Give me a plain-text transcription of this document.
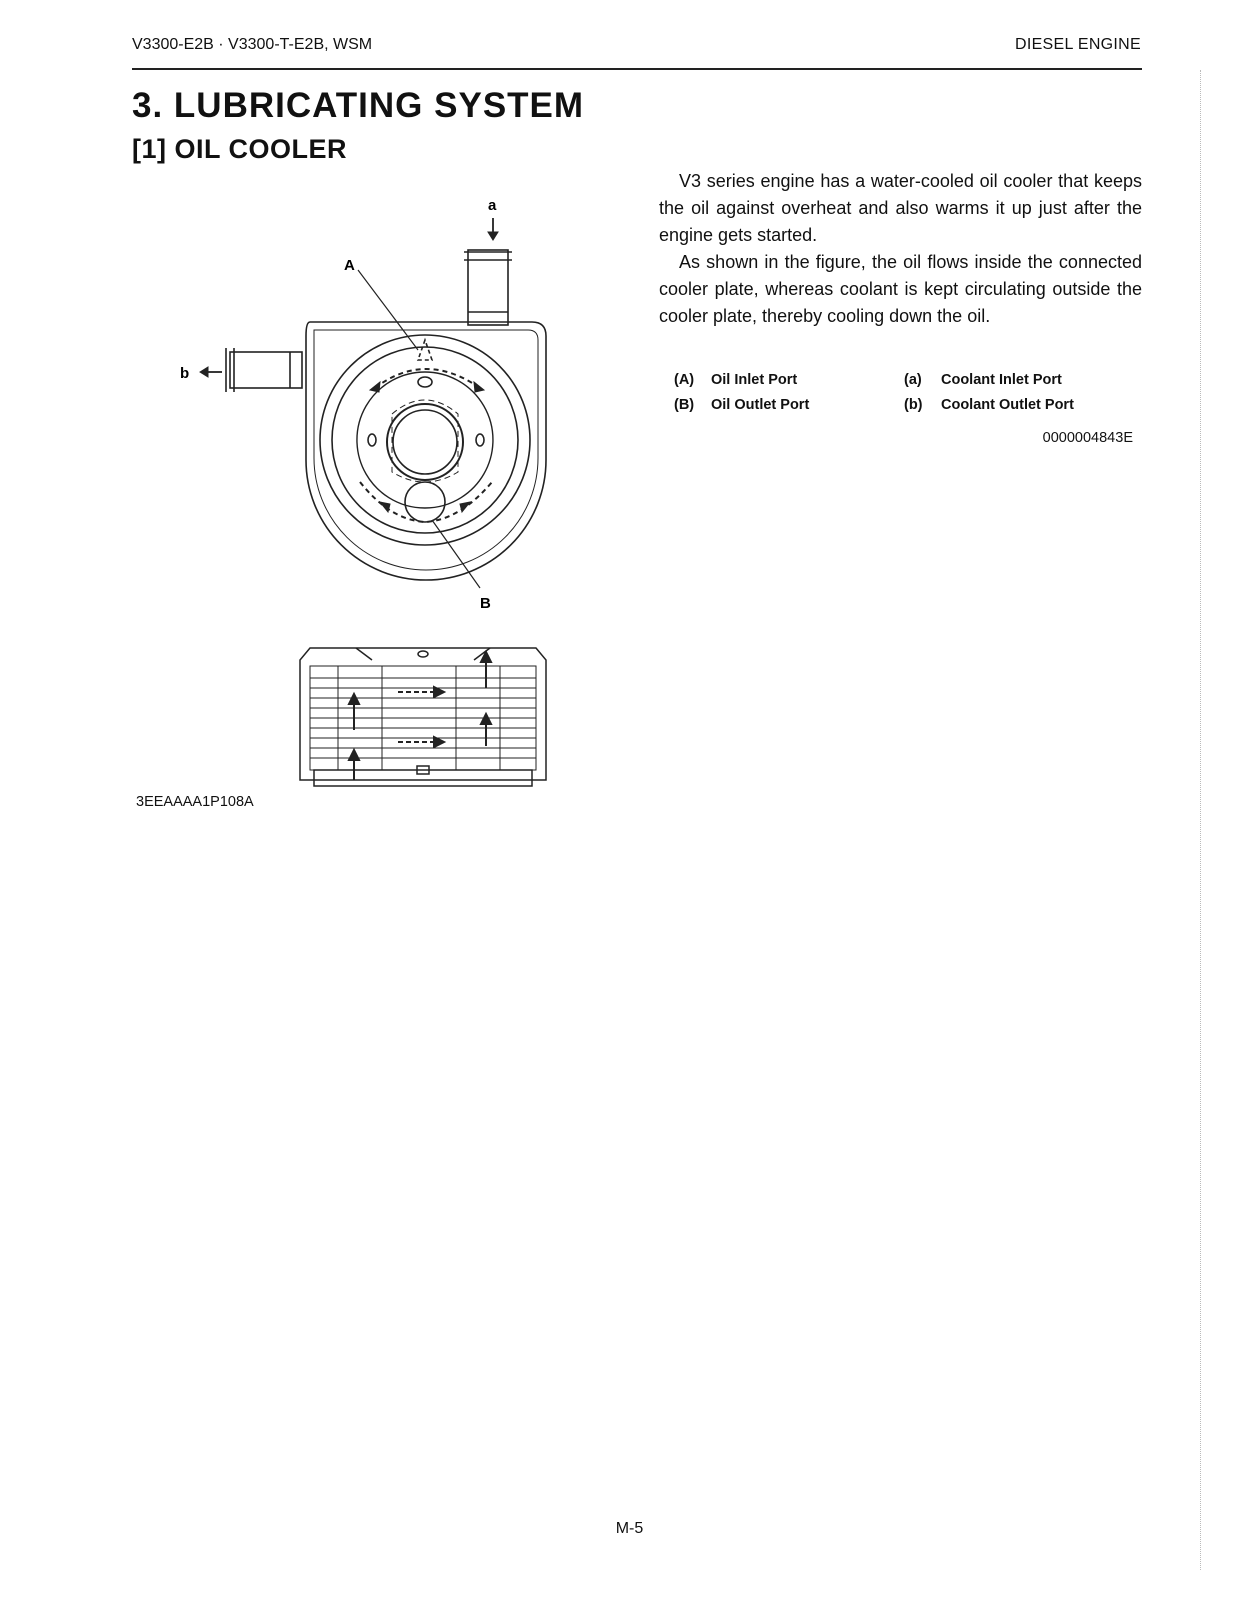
V3300-E2B · V3300-T-E2B, WSM	DIESEL ENGINE
3. LUBRICATING SYSTEM
[1] OIL COOLER

V3 series engine has a water-cooled oil cooler that keeps the oil against overheat and also warms it up just after the engine gets started.

As shown in the figure, the oil flows inside the connected cooler plate, whereas coolant is kept circulating outside the cooler plate, thereby cooling down the oil.

(A)	Oil Inlet Port	(a)	Coolant Inlet Port
(B)	Oil Outlet Port	(b)	Coolant Outlet Port
0000004843E
a
b
A
B
3EEAAAA1P108A
M-5
